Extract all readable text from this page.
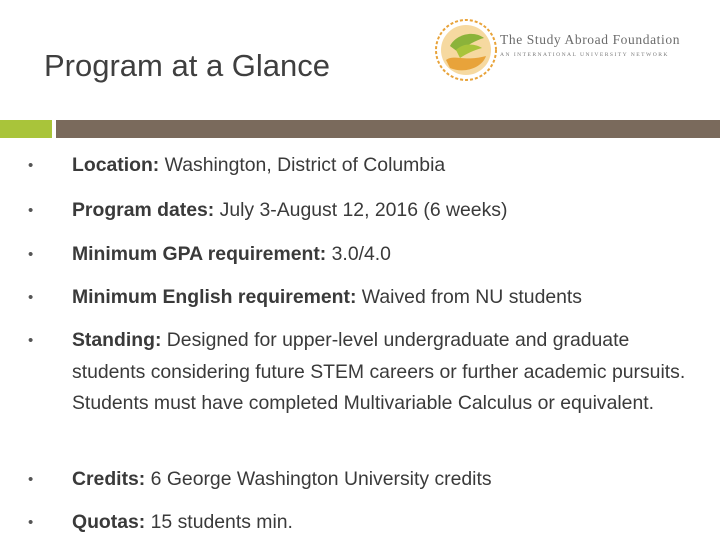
Program at a Glance
The Study Abroad Foundation
AN INTERNATIONAL UNIVERSITY NETWORK
•	Location: Washington, District of Columbia
•	Program dates: July 3-August 12, 2016 (6 weeks)
•	Minimum GPA requirement: 3.0/4.0
•	Minimum English requirement: Waived from NU students
•	Standing: Designed for upper-level undergraduate and graduate students considering future STEM careers or further academic pursuits. Students must have completed Multivariable Calculus or equivalent.
•	Credits: 6 George Washington University credits
•	Quotas: 15 students min.
